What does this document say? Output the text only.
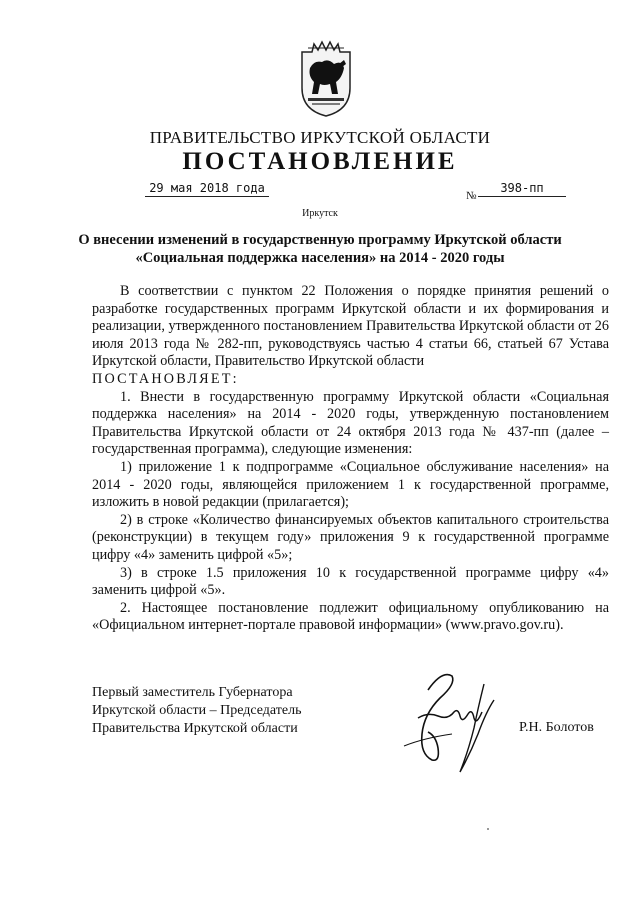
ПРАВИТЕЛЬСТВО ИРКУТСКОЙ ОБЛАСТИ
ПОСТАНОВЛЕНИЕ
29 мая 2018 года
№
398-пп
Иркутск
О внесении изменений в государственную программу Иркутской области
«Социальная поддержка населения» на 2014 - 2020 годы

В соответствии с пунктом 22 Положения о порядке принятия решений о разработке государственных программ Иркутской области и их формирования и реализации, утвержденного постановлением Правительства Иркутской области от 26 июля 2013 года № 282-пп, руководствуясь частью 4 статьи 66, статьей 67 Устава Иркутской области, Правительство Иркутской области

ПОСТАНОВЛЯЕТ:

1. Внести в государственную программу Иркутской области «Социальная поддержка населения» на 2014 - 2020 годы, утвержденную постановлением Правительства Иркутской области от 24 октября 2013 года № 437-пп (далее – государственная программа), следующие изменения:

1) приложение 1 к подпрограмме «Социальное обслуживание населения» на 2014 - 2020 годы, являющейся приложением 1 к государственной программе, изложить в новой редакции (прилагается);

2) в строке «Количество финансируемых объектов капитального строительства (реконструкции) в текущем году» приложения 9 к государственной программе цифру «4» заменить цифрой «5»;

3) в строке 1.5 приложения 10 к государственной программе цифру «4» заменить цифрой «5».

2. Настоящее постановление подлежит официальному опубликованию на «Официальном интернет-портале правовой информации» (www.pravo.gov.ru).

Первый заместитель Губернатора
Иркутской области – Председатель
Правительства Иркутской области	Р.Н. Болотов
